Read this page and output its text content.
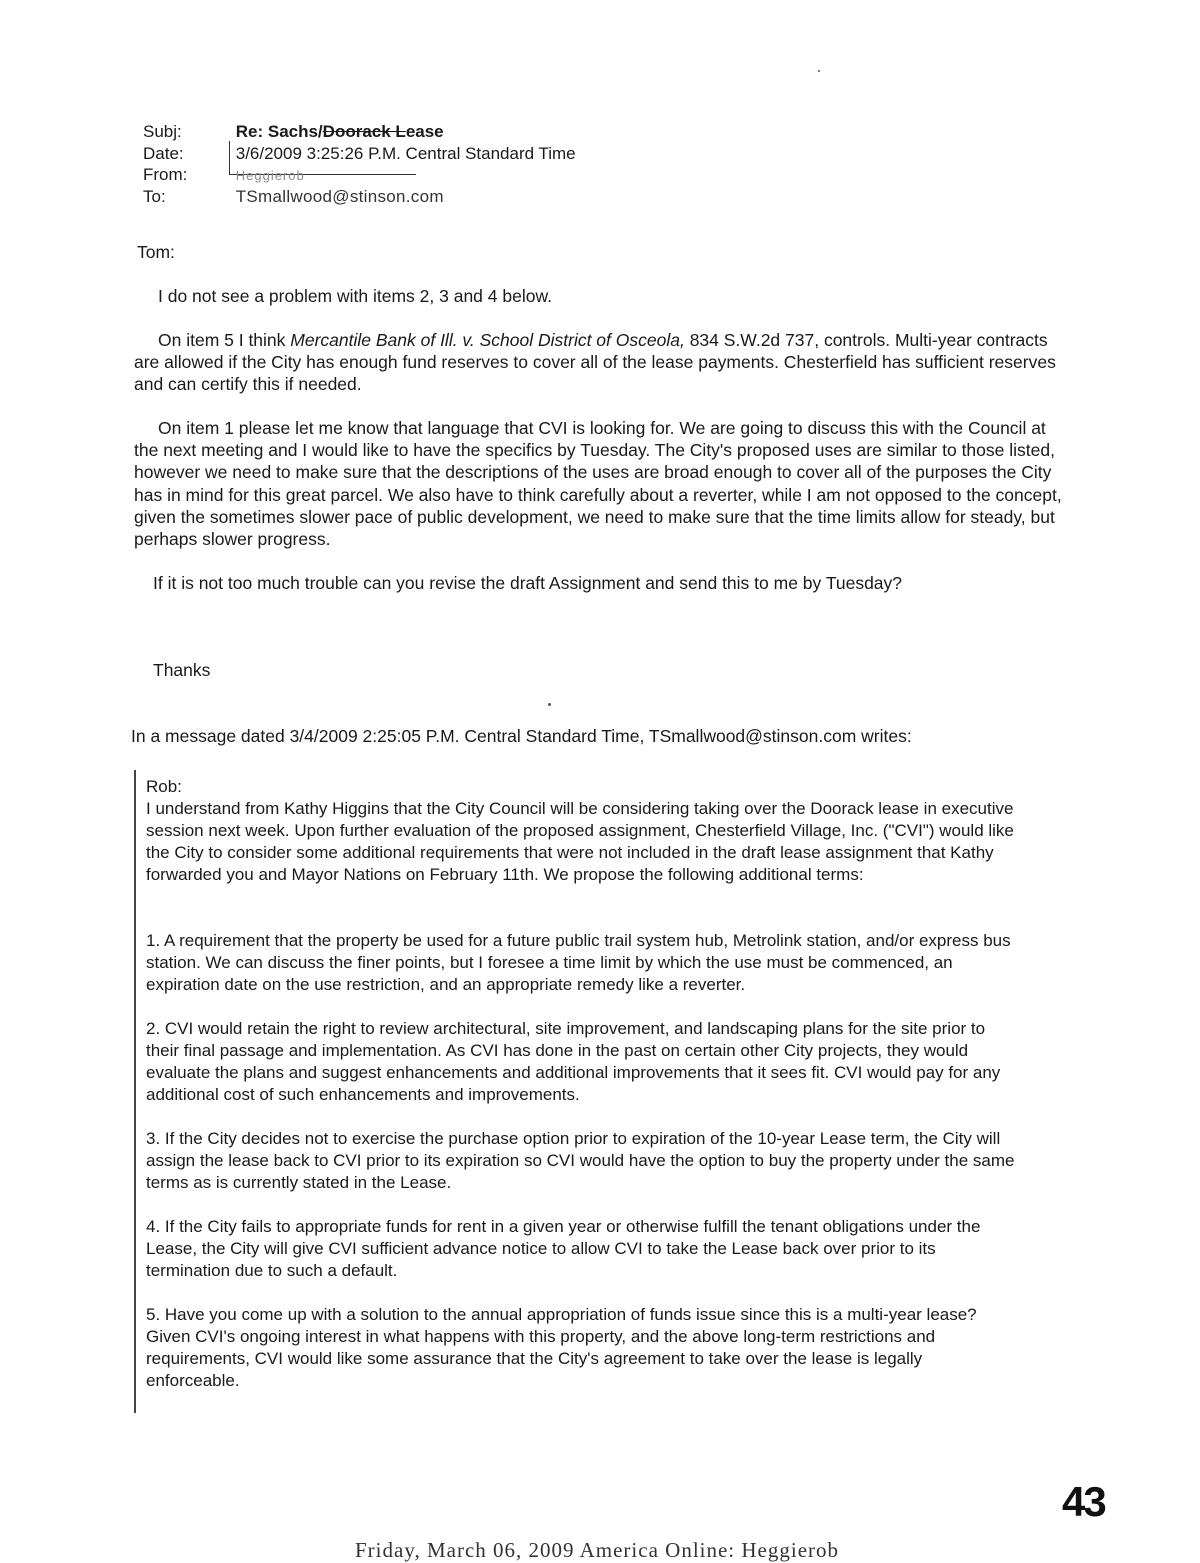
Subj:	Re: Sachs/Doorack Lease
Date:	3/6/2009 3:25:26 P.M. Central Standard Time
From:	Heggierob
To:	TSmallwood@stinson.com
Tom:
I do not see a problem with items 2, 3 and 4 below.
On item 5 I think Mercantile Bank of Ill. v. School District of Osceola, 834 S.W.2d 737, controls. Multi-year contracts are allowed if the City has enough fund reserves to cover all of the lease payments. Chesterfield has sufficient reserves and can certify this if needed.
On item 1 please let me know that language that CVI is looking for. We are going to discuss this with the Council at the next meeting and I would like to have the specifics by Tuesday. The City's proposed uses are similar to those listed, however we need to make sure that the descriptions of the uses are broad enough to cover all of the purposes the City has in mind for this great parcel. We also have to think carefully about a reverter, while I am not opposed to the concept, given the sometimes slower pace of public development, we need to make sure that the time limits allow for steady, but perhaps slower progress.
If it is not too much trouble can you revise the draft Assignment and send this to me by Tuesday?
Thanks
In a message dated 3/4/2009 2:25:05 P.M. Central Standard Time, TSmallwood@stinson.com writes:
Rob:
I understand from Kathy Higgins that the City Council will be considering taking over the Doorack lease in executive session next week. Upon further evaluation of the proposed assignment, Chesterfield Village, Inc. ("CVI") would like the City to consider some additional requirements that were not included in the draft lease assignment that Kathy forwarded you and Mayor Nations on February 11th. We propose the following additional terms:
1. A requirement that the property be used for a future public trail system hub, Metrolink station, and/or express bus station. We can discuss the finer points, but I foresee a time limit by which the use must be commenced, an expiration date on the use restriction, and an appropriate remedy like a reverter.
2. CVI would retain the right to review architectural, site improvement, and landscaping plans for the site prior to their final passage and implementation. As CVI has done in the past on certain other City projects, they would evaluate the plans and suggest enhancements and additional improvements that it sees fit. CVI would pay for any additional cost of such enhancements and improvements.
3. If the City decides not to exercise the purchase option prior to expiration of the 10-year Lease term, the City will assign the lease back to CVI prior to its expiration so CVI would have the option to buy the property under the same terms as is currently stated in the Lease.
4. If the City fails to appropriate funds for rent in a given year or otherwise fulfill the tenant obligations under the Lease, the City will give CVI sufficient advance notice to allow CVI to take the Lease back over prior to its termination due to such a default.
5. Have you come up with a solution to the annual appropriation of funds issue since this is a multi-year lease? Given CVI's ongoing interest in what happens with this property, and the above long-term restrictions and requirements, CVI would like some assurance that the City's agreement to take over the lease is legally enforceable.
Friday, March 06, 2009 America Online: Heggierob
43
